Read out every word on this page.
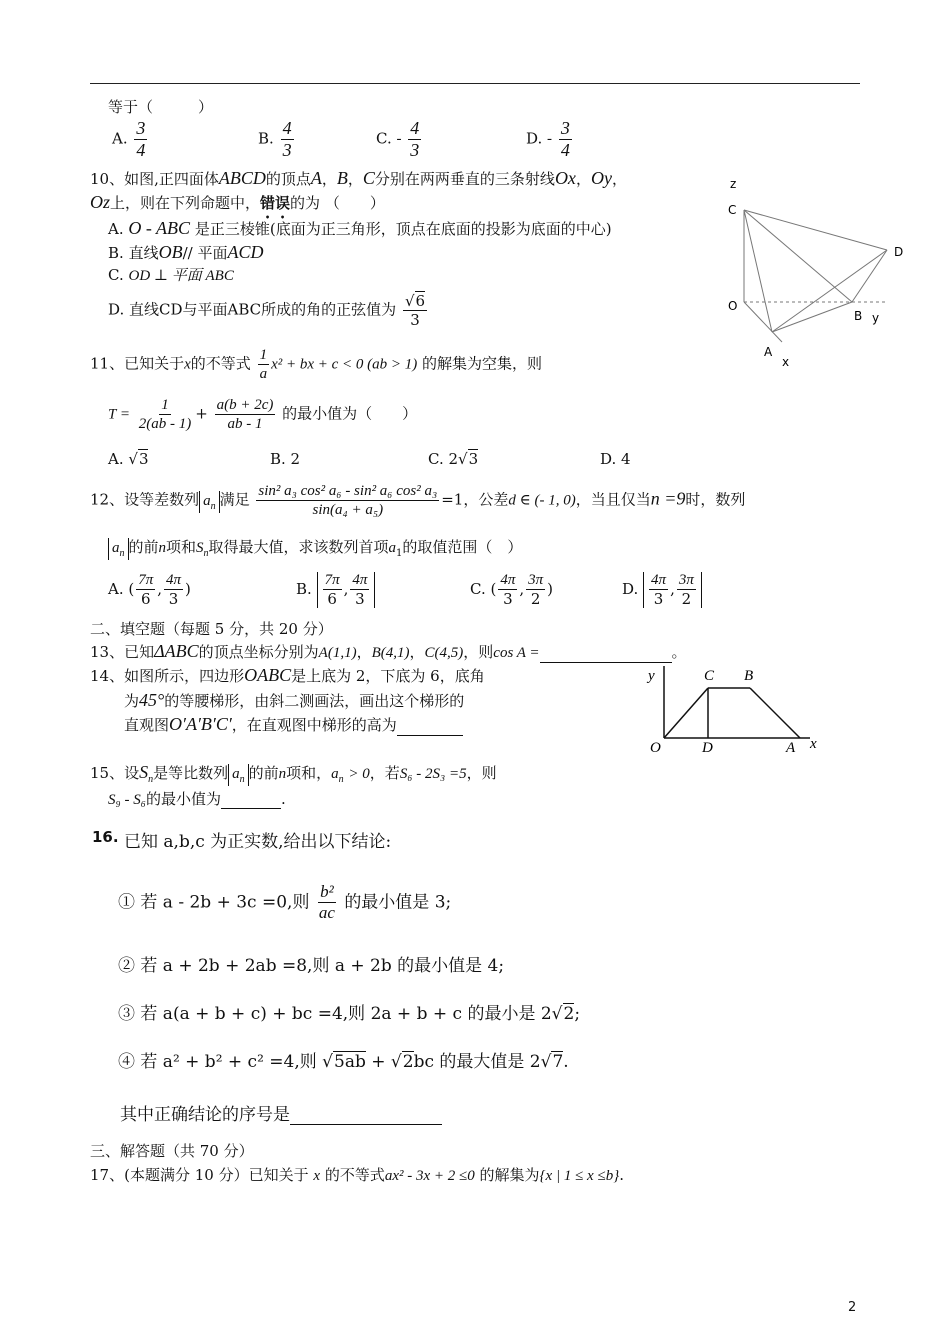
等于（　　　）
A. $\frac{3}{4}$	B. $\frac{4}{3}$	C. - $\frac{4}{3}$	D. - $\frac{3}{4}$
10、如图,正四面体ABCD的顶点A，B，C分别在两两垂直的三条射线Ox，Oy，
Oz上，则在下列命题中，错误的为 （　　）
A. O - ABC 是正三棱锥(底面为正三角形，顶点在底面的投影为底面的中心)
B. 直线OB// 平面ACD
C. OD ⊥ 平面 ABC
D. 直线CD与平面ABC所成的角的正弦值为 $\frac{√6}{3}$
z
C
D
O
B y
A
x
11、已知关于x的不等式 $\frac{1}{a} x^2$ + bx + c < 0 (ab > 1) 的解集为空集，则
$T = \frac{1}{2(ab - 1)} + \frac{a(b + 2c)}{ab - 1}$ 的最小值为（　　）
A. √3	B. 2	C. 2√3	D. 4
12、设等差数列 $a_n$ 满足 $\frac{\text{sin² a₃ cos² a₆ - sin² a₆ cos² a₃}}{\text{sin(a₄ + a₅)}} =1$，公差d ∈ (- 1, 0)，当且仅当n =9时，数列
$a_n$ 的前n项和$S_n$取得最大值，求该数列首项$a_1$的取值范围（　）
A. ( $\frac{7\pi}{6}$ , $\frac{4\pi}{3}$ )	B. $\frac{7\pi}{6}$ , $\frac{4\pi}{3}$	C. ( $\frac{4\pi}{3}$ , $\frac{3\pi}{2}$ )	D. $\frac{4\pi}{3}$ , $\frac{3\pi}{2}$
二、填空题（每题 5 分，共 20 分）
13、已知ΔABC的顶点坐标分别为A(1,1)，B(4,1)，C(4,5)，则cos A =	。
14、如图所示，四边形OABC是上底为 2，下底为 6，底角
为45°的等腰梯形，由斜二测画法，画出这个梯形的
直观图O′A′B′C′，在直观图中梯形的高为
y	C B
O	D	A x
15、设$S_n$是等比数列 $a_n$ 的前n项和，$a_n > 0$，若S₆ - 2S₃ =5，则
S₉ - S₆的最小值为	.
16. 已知 a,b,c 为正实数,给出以下结论:
① 若 a - 2b + 3c =0,则 $\frac{\text{b²}}{ac}$ 的最小值是 3;
② 若 a + 2b + 2ab =8,则 a + 2b 的最小值是 4;
③ 若 a(a + b + c) + bc =4,则 2a + b + c 的最小是 2√2;
④ 若 a² + b² + c² =4,则 √5ab + √2bc 的最大值是 2√7.
其中正确结论的序号是
三、解答题（共 70 分）
17、(本题满分 10 分）已知关于 x 的不等式ax² - 3x + 2 ≤0 的解集为{x | 1 ≤ x ≤b}.
2
